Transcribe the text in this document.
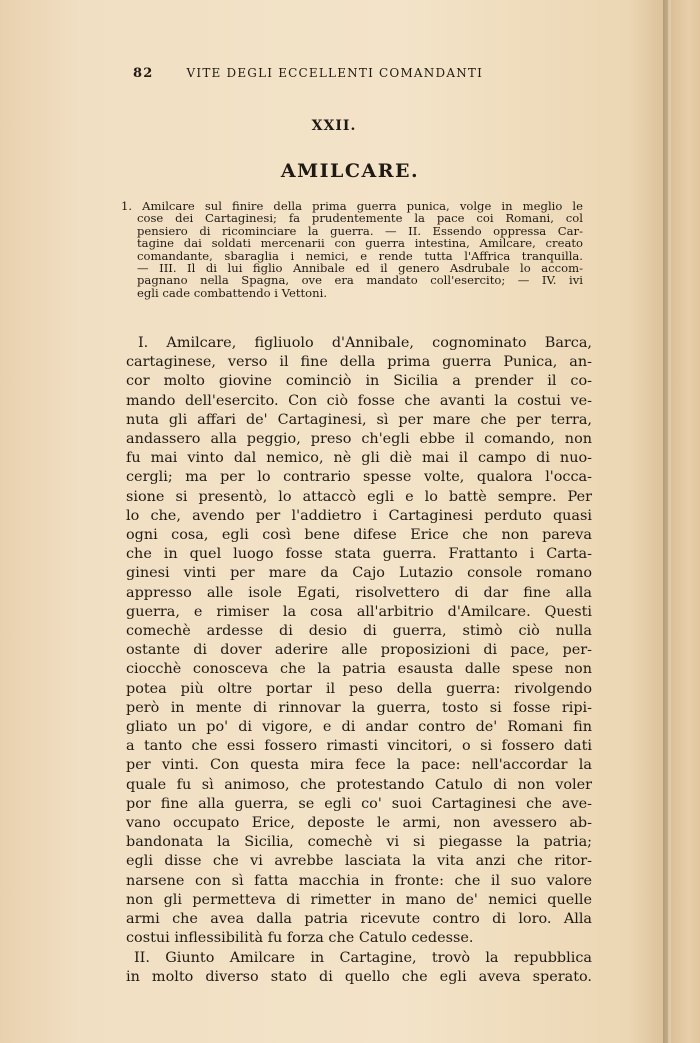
82	VITE DEGLI ECCELLENTI COMANDANTI
XXII.
AMILCARE.
1. Amilcare sul finire della prima guerra punica, volge in meglio le
cose dei Cartaginesi; fa prudentemente la pace coi Romani, col
pensiero di ricominciare la guerra. — II. Essendo oppressa Car-
tagine dai soldati mercenarii con guerra intestina, Amilcare, creato
comandante, sbaraglia i nemici, e rende tutta l'Affrica tranquilla.
— III. Il di lui figlio Annibale ed il genero Asdrubale lo accom-
pagnano nella Spagna, ove era mandato coll'esercito; — IV. ivi
egli cade combattendo i Vettoni.
I. Amilcare, figliuolo d'Annibale, cognominato Barca,
cartaginese, verso il fine della prima guerra Punica, an-
cor molto giovine cominciò in Sicilia a prender il co-
mando dell'esercito. Con ciò fosse che avanti la costui ve-
nuta gli affari de' Cartaginesi, sì per mare che per terra,
andassero alla peggio, preso ch'egli ebbe il comando, non
fu mai vinto dal nemico, nè gli diè mai il campo di nuo-
cergli; ma per lo contrario spesse volte, qualora l'occa-
sione si presentò, lo attaccò egli e lo battè sempre. Per
lo che, avendo per l'addietro i Cartaginesi perduto quasi
ogni cosa, egli così bene difese Erice che non pareva
che in quel luogo fosse stata guerra. Frattanto i Carta-
ginesi vinti per mare da Cajo Lutazio console romano
appresso alle isole Egati, risolvettero di dar fine alla
guerra, e rimiser la cosa all'arbitrio d'Amilcare. Questi
comechè ardesse di desio di guerra, stimò ciò nulla
ostante di dover aderire alle proposizioni di pace, per-
ciocchè conosceva che la patria esausta dalle spese non
potea più oltre portar il peso della guerra: rivolgendo
però in mente di rinnovar la guerra, tosto si fosse ripi-
gliato un po' di vigore, e di andar contro de' Romani fin
a tanto che essi fossero rimasti vincitori, o si fossero dati
per vinti. Con questa mira fece la pace: nell'accordar la
quale fu sì animoso, che protestando Catulo di non voler
por fine alla guerra, se egli co' suoi Cartaginesi che ave-
vano occupato Erice, deposte le armi, non avessero ab-
bandonata la Sicilia, comechè vi si piegasse la patria;
egli disse che vi avrebbe lasciata la vita anzi che ritor-
narsene con sì fatta macchia in fronte: che il suo valore
non gli permetteva di rimetter in mano de' nemici quelle
armi che avea dalla patria ricevute contro di loro. Alla
costui inflessibilità fu forza che Catulo cedesse.
II. Giunto Amilcare in Cartagine, trovò la repubblica
in molto diverso stato di quello che egli aveva sperato.
